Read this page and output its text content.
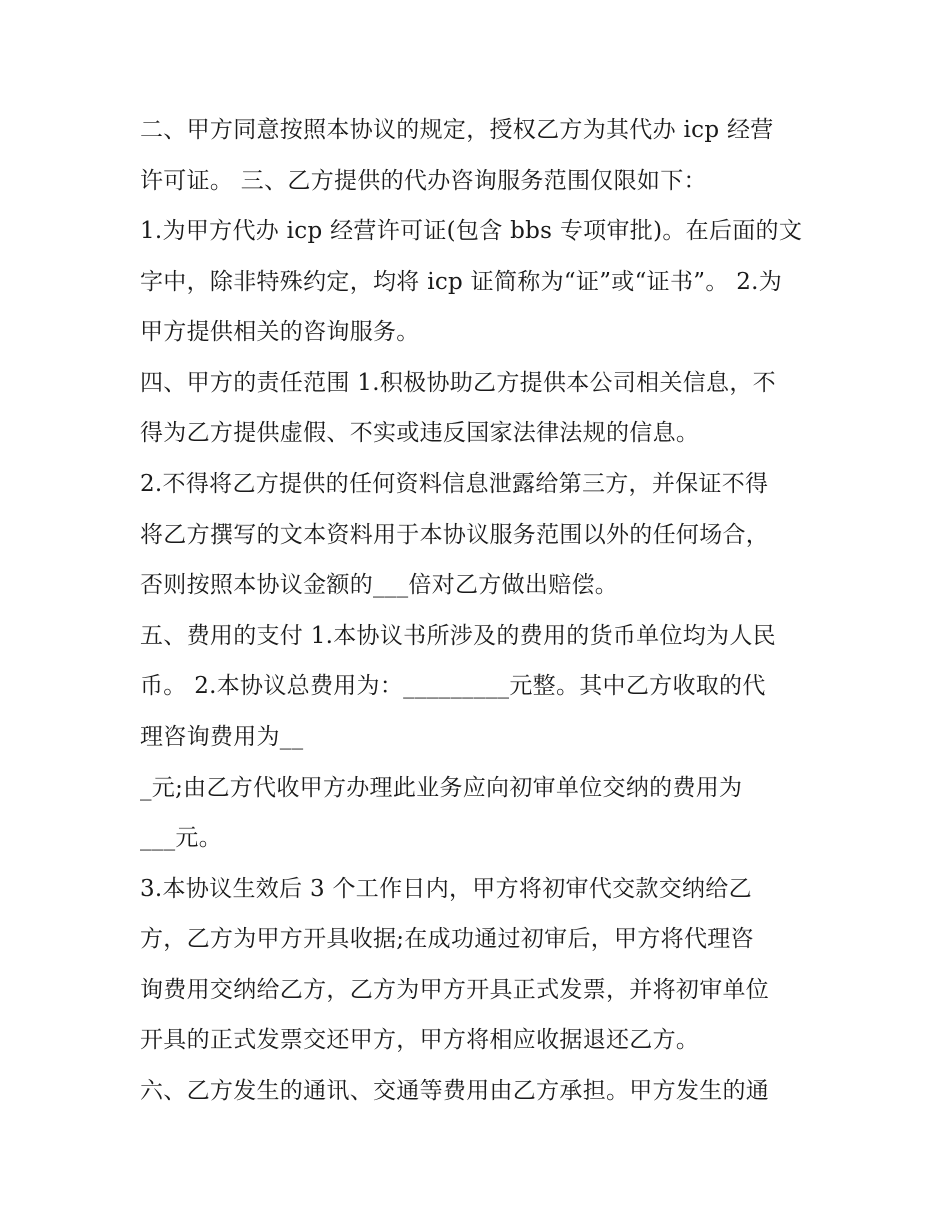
二、甲方同意按照本协议的规定，授权乙方为其代办 icp 经营
许可证。 三、乙方提供的代办咨询服务范围仅限如下：
1.为甲方代办 icp 经营许可证(包含 bbs 专项审批)。在后面的文
字中，除非特殊约定，均将 icp 证简称为“证”或“证书”。 2.为
甲方提供相关的咨询服务。
四、甲方的责任范围 1.积极协助乙方提供本公司相关信息，不
得为乙方提供虚假、不实或违反国家法律法规的信息。
2.不得将乙方提供的任何资料信息泄露给第三方，并保证不得
将乙方撰写的文本资料用于本协议服务范围以外的任何场合，
否则按照本协议金额的___倍对乙方做出赔偿。
五、费用的支付 1.本协议书所涉及的费用的货币单位均为人民
币。 2.本协议总费用为：_________元整。其中乙方收取的代
理咨询费用为__
_元;由乙方代收甲方办理此业务应向初审单位交纳的费用为
___元。
3.本协议生效后 3 个工作日内，甲方将初审代交款交纳给乙
方，乙方为甲方开具收据;在成功通过初审后，甲方将代理咨
询费用交纳给乙方，乙方为甲方开具正式发票，并将初审单位
开具的正式发票交还甲方，甲方将相应收据退还乙方。
六、乙方发生的通讯、交通等费用由乙方承担。甲方发生的通
